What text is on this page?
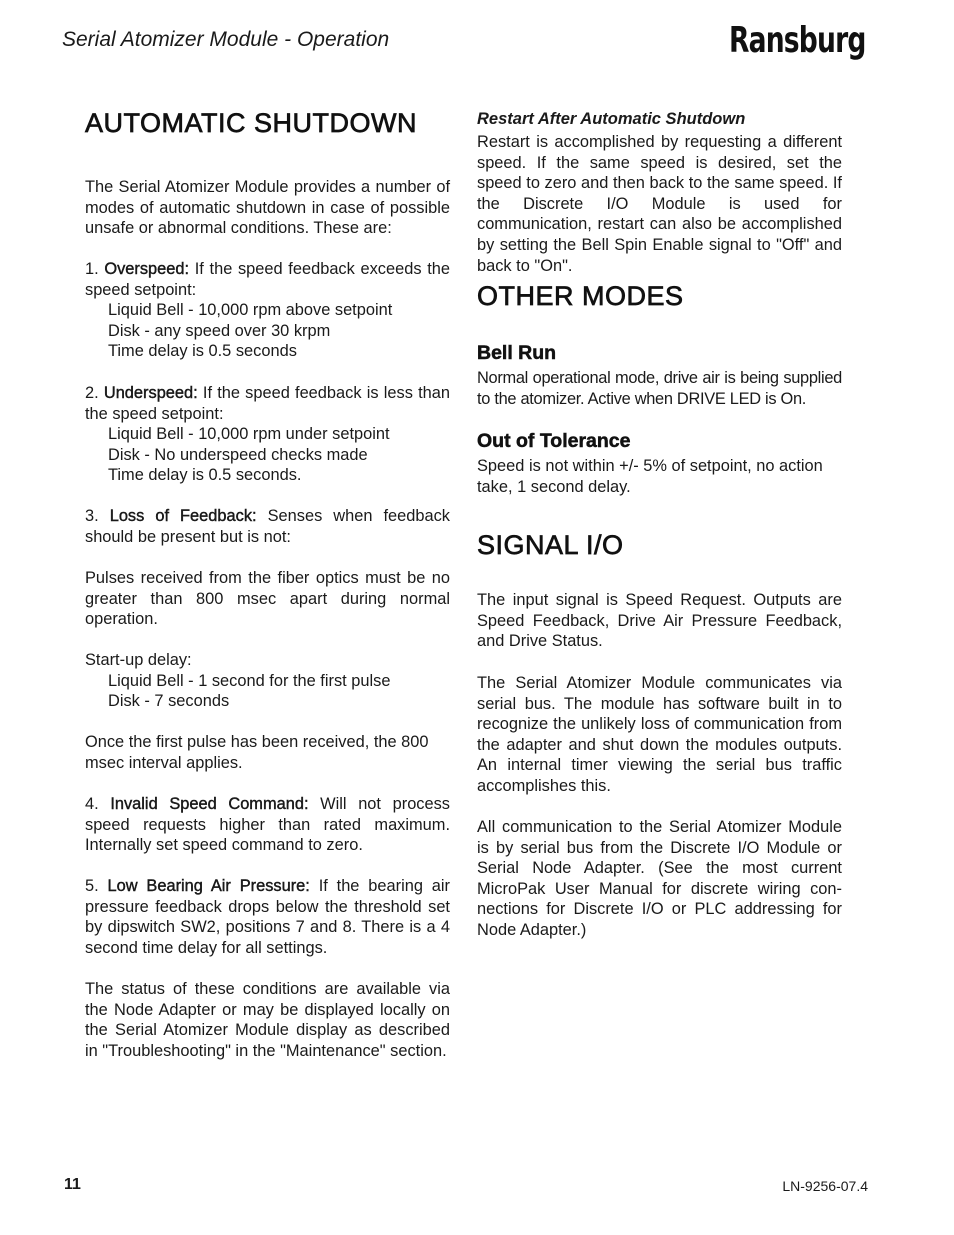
Serial Atomizer Module - Operation	Ransburg
AUTOMATIC SHUTDOWN

The Serial Atomizer Module provides a number of modes of automatic shutdown in case of possible unsafe or abnormal conditions. These are:

1. Overspeed: If the speed feedback exceeds the speed setpoint:
Liquid Bell - 10,000 rpm above setpoint
Disk - any speed over 30 krpm
Time delay is 0.5 seconds
2. Underspeed: If the speed feedback is less than the speed setpoint:
Liquid Bell - 10,000 rpm under setpoint
Disk - No underspeed checks made
Time delay is 0.5 seconds.
3. Loss of Feedback: Senses when feedback should be present but is not:

Pulses received from the fiber optics must be no greater than 800 msec apart during normal operation.

Start-up delay:
Liquid Bell - 1 second for the first pulse
Disk - 7 seconds

Once the first pulse has been received, the 800 msec interval applies.

4. Invalid Speed Command: Will not process speed requests higher than rated maximum. Internally set speed command to zero.
5. Low Bearing Air Pressure: If the bearing air pressure feedback drops below the threshold set by dipswitch SW2, positions 7 and 8. There is a 4 second time delay for all settings.

The status of these conditions are available via the Node Adapter or may be displayed locally on the Serial Atomizer Module display as described in "Troubleshooting" in the "Maintenance" section.

Restart After Automatic Shutdown

Restart is accomplished by requesting a different speed. If the same speed is desired, set the speed to zero and then back to the same speed. If the Discrete I/O Module is used for communication, restart can also be accomplished by setting the Bell Spin Enable signal to "Off" and back to "On".

OTHER MODES
Bell Run

Normal operational mode, drive air is being supplied to the atomizer. Active when DRIVE LED is On.

Out of Tolerance

Speed is not within +/- 5% of setpoint, no action take, 1 second delay.

SIGNAL I/O

The input signal is Speed Request. Outputs are Speed Feedback, Drive Air Pressure Feedback, and Drive Status.

The Serial Atomizer Module communicates via serial bus. The module has software built in to recognize the unlikely loss of communication from the adapter and shut down the modules outputs. An internal timer viewing the serial bus traffic accomplishes this.

All communication to the Serial Atomizer Module is by serial bus from the Discrete I/O Module or Serial Node Adapter. (See the most current MicroPak User Manual for discrete wiring con-nections for Discrete I/O or PLC addressing for Node Adapter.)

11	LN-9256-07.4
